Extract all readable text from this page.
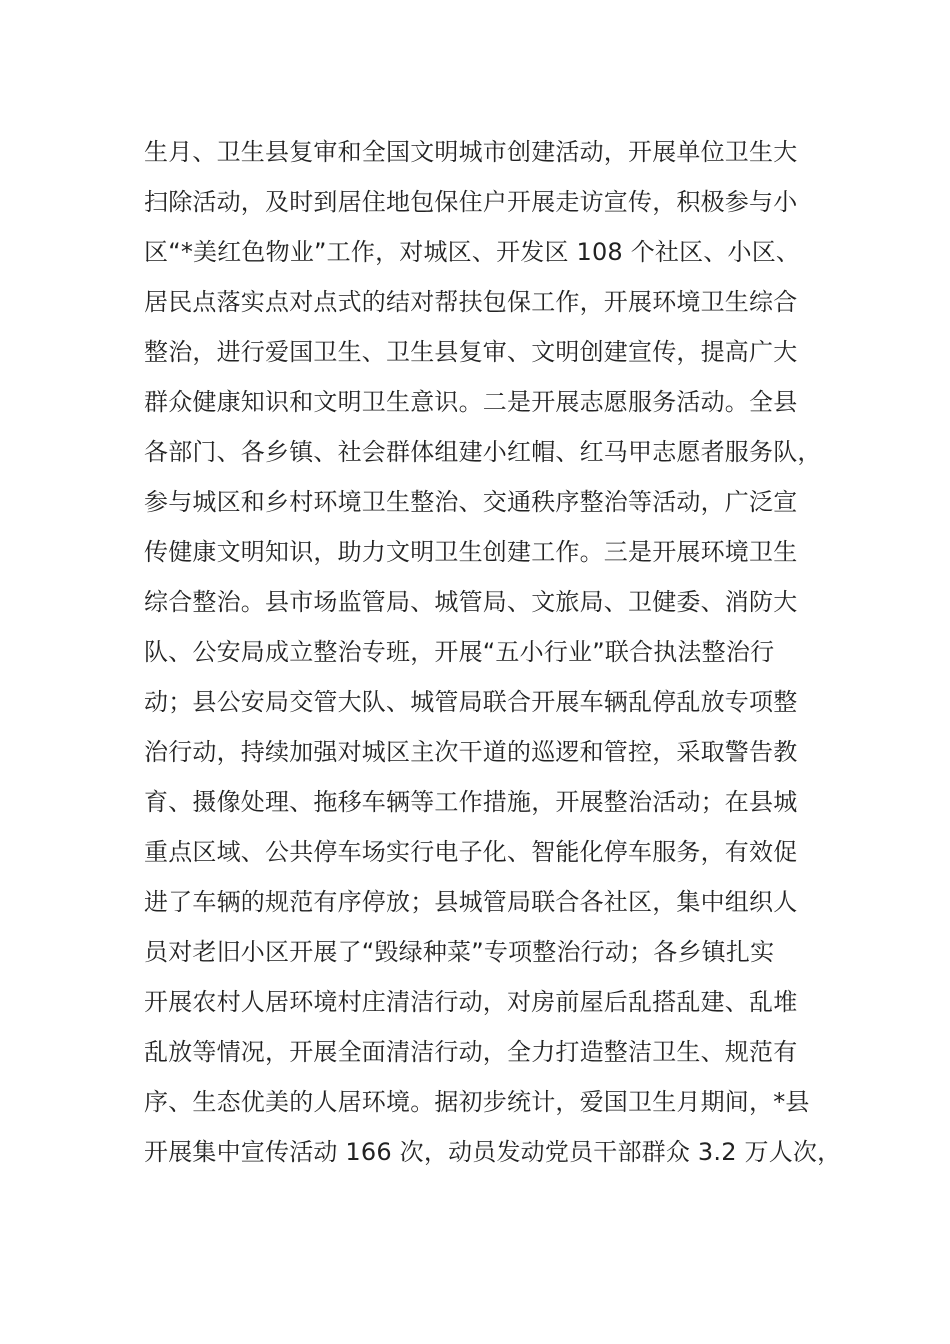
生月、卫生县复审和全国文明城市创建活动，开展单位卫生大
扫除活动，及时到居住地包保住户开展走访宣传，积极参与小
区“*美红色物业”工作，对城区、开发区 108 个社区、小区、
居民点落实点对点式的结对帮扶包保工作，开展环境卫生综合
整治，进行爱国卫生、卫生县复审、文明创建宣传，提高广大
群众健康知识和文明卫生意识。二是开展志愿服务活动。全县
各部门、各乡镇、社会群体组建小红帽、红马甲志愿者服务队，
参与城区和乡村环境卫生整治、交通秩序整治等活动，广泛宣
传健康文明知识，助力文明卫生创建工作。三是开展环境卫生
综合整治。县市场监管局、城管局、文旅局、卫健委、消防大
队、公安局成立整治专班，开展“五小行业”联合执法整治行
动；县公安局交管大队、城管局联合开展车辆乱停乱放专项整
治行动，持续加强对城区主次干道的巡逻和管控，采取警告教
育、摄像处理、拖移车辆等工作措施，开展整治活动；在县城
重点区域、公共停车场实行电子化、智能化停车服务，有效促
进了车辆的规范有序停放；县城管局联合各社区，集中组织人
员对老旧小区开展了“毁绿种菜”专项整治行动；各乡镇扎实
开展农村人居环境村庄清洁行动，对房前屋后乱搭乱建、乱堆
乱放等情况，开展全面清洁行动，全力打造整洁卫生、规范有
序、生态优美的人居环境。据初步统计，爱国卫生月期间，*县
开展集中宣传活动 166 次，动员发动党员干部群众 3.2 万人次，
